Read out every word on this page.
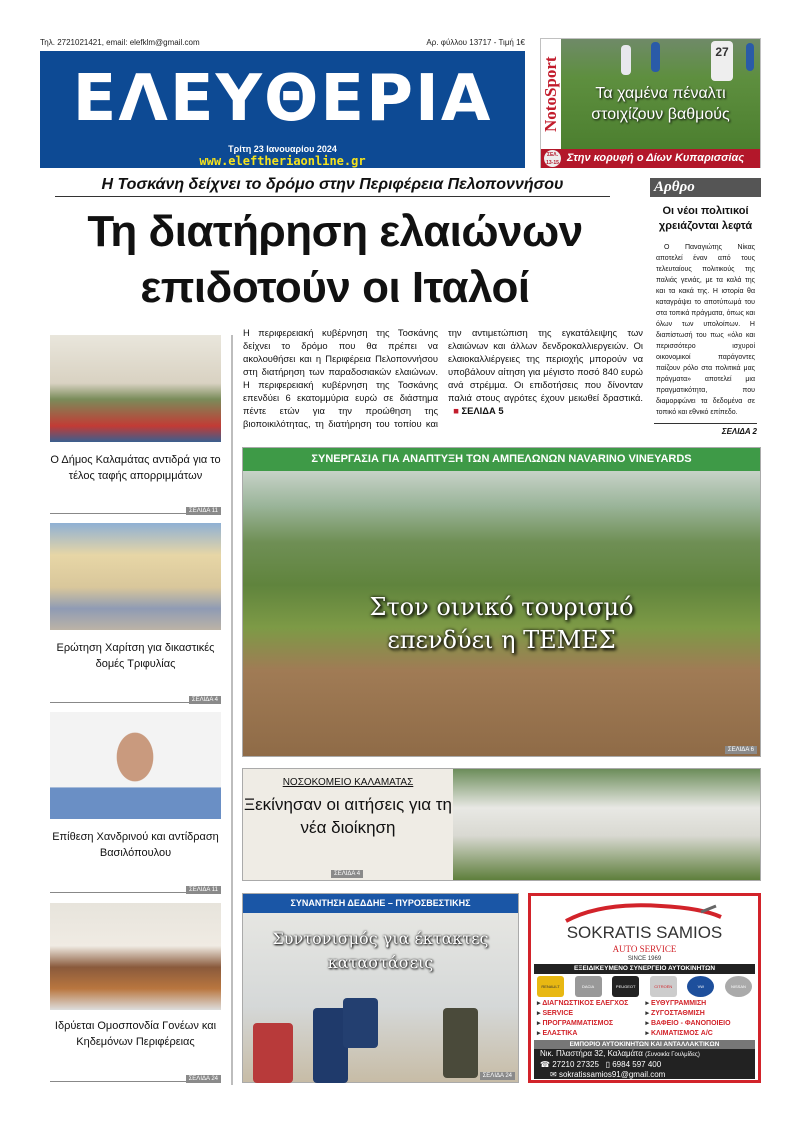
Τηλ. 2721021421, email: elefklm@gmail.com	Αρ. φύλλου 13717 - Τιμή 1€
ΕΛΕΥΘΕΡΙΑ
Τρίτη 23 Ιανουαρίου 2024
www.eleftheriaonline.gr
NotoSport
27
Τα χαμένα πέναλτι στοιχίζουν βαθμούς
ΣΕΛ. 13-15 Στην κορυφή ο Δίων Κυπαρισσίας
Η Τοσκάνη δείχνει το δρόμο στην Περιφέρεια Πελοποννήσου
Τη διατήρηση ελαιώνων επιδοτούν οι Ιταλοί
Αρθρο
Οι νέοι πολιτικοί χρειάζονται λεφτά
Ο Παναγιώτης Νίκας αποτελεί έναν από τους τελευταίους πολιτικούς της παλιάς γενιάς, με τα καλά της και τα κακά της. Η ιστορία θα καταγράψει το αποτύπωμά του στα τοπικά πράγματα, όπως και όλων των υπολοίπων. Η διαπίστωσή του πως «όλο και περισσότερο ισχυροί οικονομικοί παράγοντες παίζουν ρόλο στα πολιτικά μας πράγματα» αποτελεί μια πραγματικότητα, που διαμορφώνει τα δεδομένα σε τοπικό και εθνικό επίπεδο.
ΣΕΛΙΔΑ 2
Η περιφερειακή κυβέρνηση της Τοσκάνης δείχνει το δρόμο που θα πρέπει να ακολουθήσει και η Περιφέρεια Πελοποννήσου στη διατήρηση των παραδοσιακών ελαιώνων. Η περιφερειακή κυβέρνηση της Τοσκάνης επενδύει 6 εκατομμύρια ευρώ σε διάστημα πέντε ετών για την προώθηση της βιοποικιλότητας, τη διατήρηση του τοπίου και την αντιμετώπιση της εγκατάλειψης των ελαιώνων και άλλων δενδροκαλλιεργειών. Οι ελαιοκαλλιέργειες της περιοχής μπορούν να υποβάλουν αίτηση για μέγιστο ποσό 840 ευρώ ανά στρέμμα. Οι επιδοτήσεις που δίνονταν παλιά στους αγρότες έχουν μειωθεί δραστικά.   ■ ΣΕΛΙΔΑ 5
Ο Δήμος Καλαμάτας αντιδρά για το τέλος ταφής απορριμμάτων
ΣΕΛΙΔΑ 11
Ερώτηση Χαρίτση για δικαστικές δομές Τριφυλίας
ΣΕΛΙΔΑ 4
Επίθεση Χανδρινού και αντίδραση Βασιλόπουλου
ΣΕΛΙΔΑ 11
Ιδρύεται Ομοσπονδία Γονέων και Κηδεμόνων Περιφέρειας
ΣΕΛΙΔΑ 24
ΣΥΝΕΡΓΑΣΙΑ ΓΙΑ ΑΝΑΠΤΥΞΗ ΤΩΝ ΑΜΠΕΛΩΝΩΝ NAVARINO VINEYARDS
Στον οινικό τουρισμό
επενδύει η ΤΕΜΕΣ
ΣΕΛΙΔΑ 6
ΝΟΣΟΚΟΜΕΙΟ ΚΑΛΑΜΑΤΑΣ
Ξεκίνησαν οι αιτήσεις για τη νέα διοίκηση
ΣΕΛΙΔΑ 4
ΣΥΝΑΝΤΗΣΗ ΔΕΔΔΗΕ – ΠΥΡΟΣΒΕΣΤΙΚΗΣ
Συντονισμός για έκτακτες καταστάσεις
ΣΕΛΙΔΑ 24
SOKRATIS SAMIOS
AUTO SERVICE
SINCE 1969
ΕΞΕΙΔΙΚΕΥΜΕΝΟ ΣΥΝΕΡΓΕΙΟ ΑΥΤΟΚΙΝΗΤΩΝ
RENAULT	DACIA	PEUGEOT	CITROËN	VW	NISSAN
▸ ΔΙΑΓΝΩΣΤΙΚΟΣ ΕΛΕΓΧΟΣ	▸ ΕΥΘΥΓΡΑΜΜΙΣΗ
▸ SERVICE	▸ ΖΥΓΟΣΤΑΘΜΙΣΗ
▸ ΠΡΟΓΡΑΜΜΑΤΙΣΜΟΣ	▸ ΒΑΦΕΙΟ - ΦΑΝΟΠΟΙΕΙΟ
▸ ΕΛΑΣΤΙΚΑ	▸ ΚΛΙΜΑΤΙΣΜΟΣ A/C
ΕΜΠΟΡΙΟ ΑΥΤΟΚΙΝΗΤΩΝ ΚΑΙ ΑΝΤΑΛΛΑΚΤΙΚΩΝ
Νικ. Πλαστήρα 32, Καλαμάτα (Συνοικία Γουλμίδες)
☎ 27210 27325 ▯ 6984 597 400
✉ sokratissamios91@gmail.com
